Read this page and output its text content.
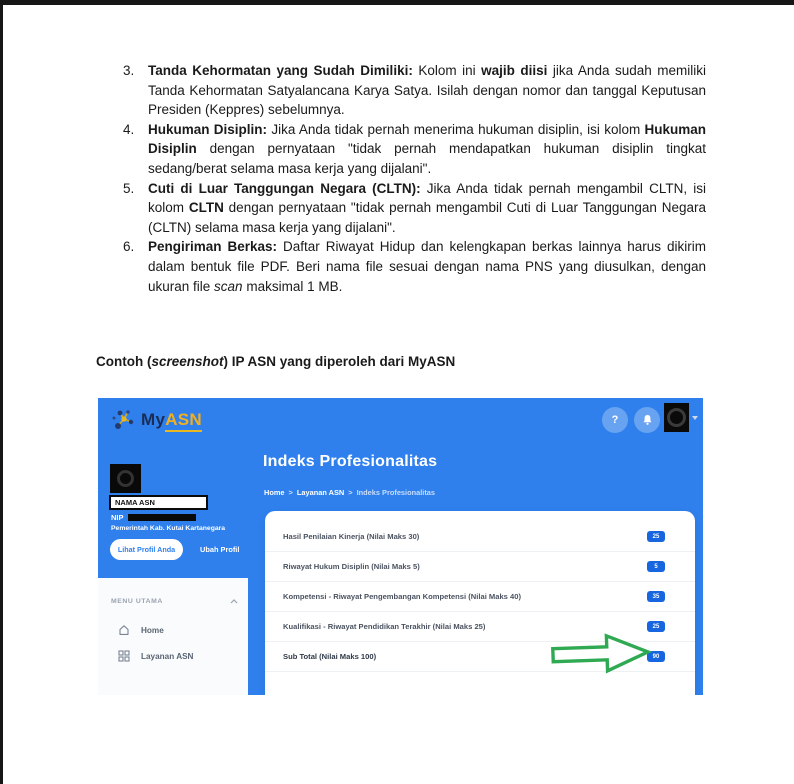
3. Tanda Kehormatan yang Sudah Dimiliki: Kolom ini wajib diisi jika Anda sudah memiliki Tanda Kehormatan Satyalancana Karya Satya. Isilah dengan nomor dan tanggal Keputusan Presiden (Keppres) sebelumnya.
4. Hukuman Disiplin: Jika Anda tidak pernah menerima hukuman disiplin, isi kolom Hukuman Disiplin dengan pernyataan "tidak pernah mendapatkan hukuman disiplin tingkat sedang/berat selama masa kerja yang dijalani".
5. Cuti di Luar Tanggungan Negara (CLTN): Jika Anda tidak pernah mengambil CLTN, isi kolom CLTN dengan pernyataan "tidak pernah mengambil Cuti di Luar Tanggungan Negara (CLTN) selama masa kerja yang dijalani".
6. Pengiriman Berkas: Daftar Riwayat Hidup dan kelengkapan berkas lainnya harus dikirim dalam bentuk file PDF. Beri nama file sesuai dengan nama PNS yang diusulkan, dengan ukuran file scan maksimal 1 MB.
Contoh (screenshot) IP ASN yang diperoleh dari MyASN
MyASN	?
NAMA ASN
NIP
Pemerintah Kab. Kutai Kartanegara
Lihat Profil Anda	Ubah Profil
MENU UTAMA
Home
Layanan ASN
Indeks Profesionalitas
Home > Layanan ASN > Indeks Profesionalitas
Hasil Penilaian Kinerja (Nilai Maks 30)	25
Riwayat Hukum Disiplin (Nilai Maks 5)	5
Kompetensi - Riwayat Pengembangan Kompetensi (Nilai Maks 40)	35
Kualifikasi - Riwayat Pendidikan Terakhir (Nilai Maks 25)	25
Sub Total (Nilai Maks 100)	90
